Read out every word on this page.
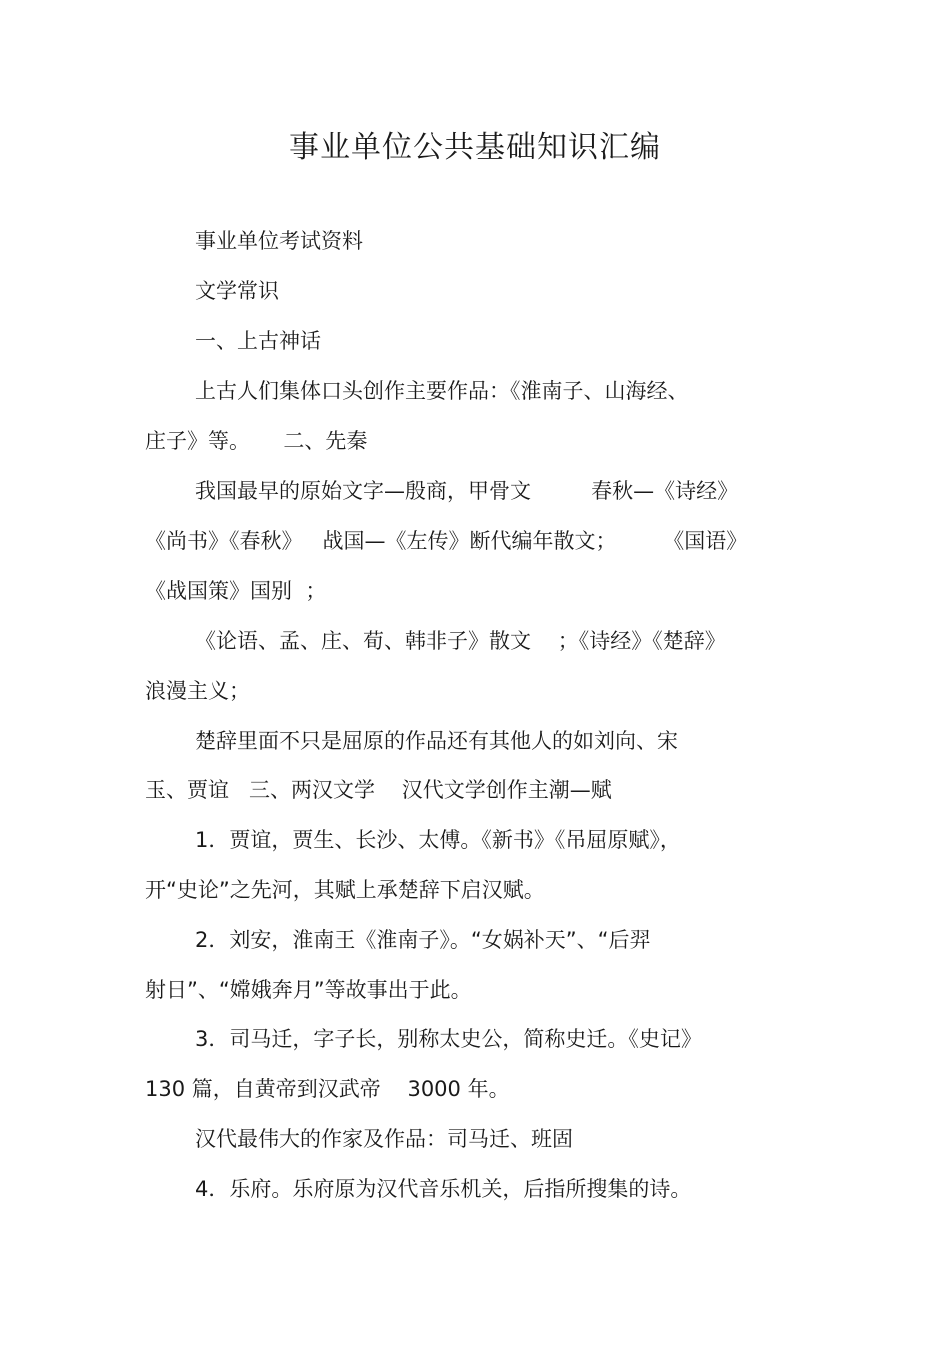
事业单位公共基础知识汇编
事业单位考试资料
文学常识
一、上古神话
上古人们集体口头创作主要作品：《淮南子、山海经、
庄子》等。     二、先秦
我国最早的原始文字—殷商，甲骨文         春秋—《诗经》
《尚书》《春秋》   战国—《左传》断代编年散文；       《国语》
《战国策》国别  ；
《论语、孟、庄、荀、韩非子》散文    ；《诗经》《楚辞》
浪漫主义；
楚辞里面不只是屈原的作品还有其他人的如刘向、宋
玉、贾谊   三、两汉文学    汉代文学创作主潮—赋
1．贾谊，贾生、长沙、太傅。《新书》《吊屈原赋》，
开“史论”之先河，其赋上承楚辞下启汉赋。
2．刘安，淮南王《淮南子》。“女娲补天”、“后羿
射日”、“嫦娥奔月”等故事出于此。
3．司马迁，字子长，别称太史公，简称史迁。《史记》
130 篇，自黄帝到汉武帝    3000 年。
汉代最伟大的作家及作品：司马迁、班固
4．乐府。乐府原为汉代音乐机关，后指所搜集的诗。
